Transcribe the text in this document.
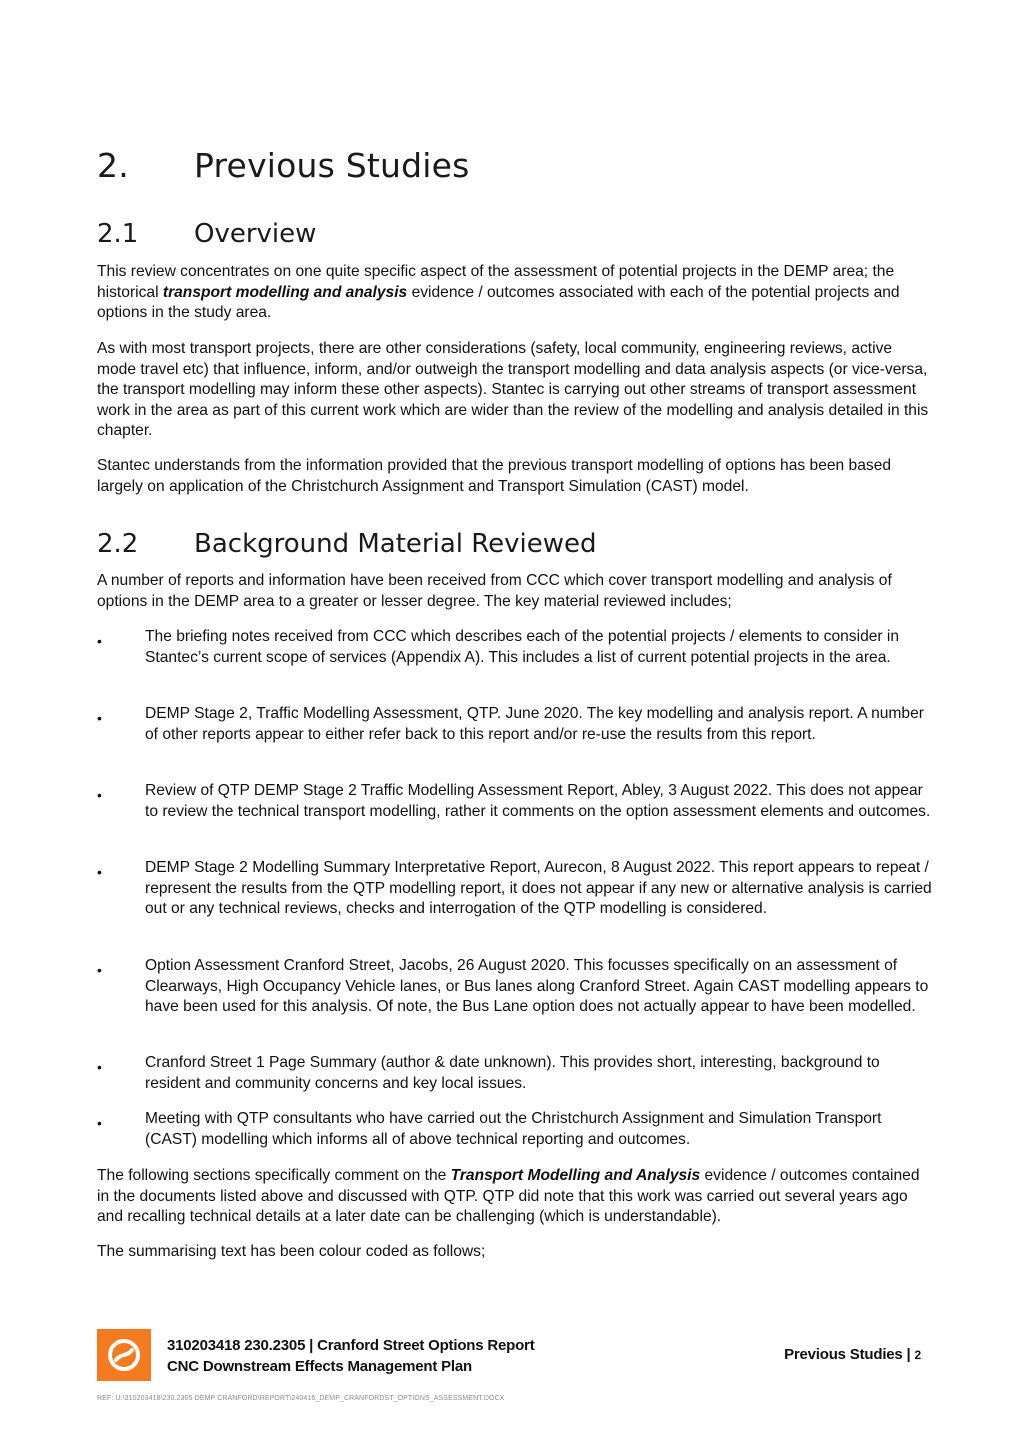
2. Previous Studies
2.1 Overview

This review concentrates on one quite specific aspect of the assessment of potential projects in the DEMP area; the historical transport modelling and analysis evidence / outcomes associated with each of the potential projects and options in the study area.

As with most transport projects, there are other considerations (safety, local community, engineering reviews, active mode travel etc) that influence, inform, and/or outweigh the transport modelling and data analysis aspects (or vice-versa, the transport modelling may inform these other aspects). Stantec is carrying out other streams of transport assessment work in the area as part of this current work which are wider than the review of the modelling and analysis detailed in this chapter.

Stantec understands from the information provided that the previous transport modelling of options has been based largely on application of the Christchurch Assignment and Transport Simulation (CAST) model.

2.2 Background Material Reviewed

A number of reports and information have been received from CCC which cover transport modelling and analysis of options in the DEMP area to a greater or lesser degree. The key material reviewed includes;

•	The briefing notes received from CCC which describes each of the potential projects / elements to consider in Stantec’s current scope of services (Appendix A). This includes a list of current potential projects in the area.
•	DEMP Stage 2, Traffic Modelling Assessment, QTP. June 2020. The key modelling and analysis report. A number of other reports appear to either refer back to this report and/or re-use the results from this report.
•	Review of QTP DEMP Stage 2 Traffic Modelling Assessment Report, Abley, 3 August 2022. This does not appear to review the technical transport modelling, rather it comments on the option assessment elements and outcomes.
•	DEMP Stage 2 Modelling Summary Interpretative Report, Aurecon, 8 August 2022. This report appears to repeat / represent the results from the QTP modelling report, it does not appear if any new or alternative analysis is carried out or any technical reviews, checks and interrogation of the QTP modelling is considered.
•	Option Assessment Cranford Street, Jacobs, 26 August 2020. This focusses specifically on an assessment of Clearways, High Occupancy Vehicle lanes, or Bus lanes along Cranford Street. Again CAST modelling appears to have been used for this analysis. Of note, the Bus Lane option does not actually appear to have been modelled.
•	Cranford Street 1 Page Summary (author & date unknown). This provides short, interesting, background to resident and community concerns and key local issues.
•	Meeting with QTP consultants who have carried out the Christchurch Assignment and Simulation Transport (CAST) modelling which informs all of above technical reporting and outcomes.

The following sections specifically comment on the Transport Modelling and Analysis evidence / outcomes contained in the documents listed above and discussed with QTP. QTP did note that this work was carried out several years ago and recalling technical details at a later date can be challenging (which is understandable).

The summarising text has been colour coded as follows;

310203418 230.2305 | Cranford Street Options Report
CNC Downstream Effects Management Plan
Previous Studies | 2
REF: U:\310203418\230.2305 DEMP CRANFORD\REPORT\240416_DEMP_CRANFORDST_OPTIONS_ASSESSMENT.DOCX
